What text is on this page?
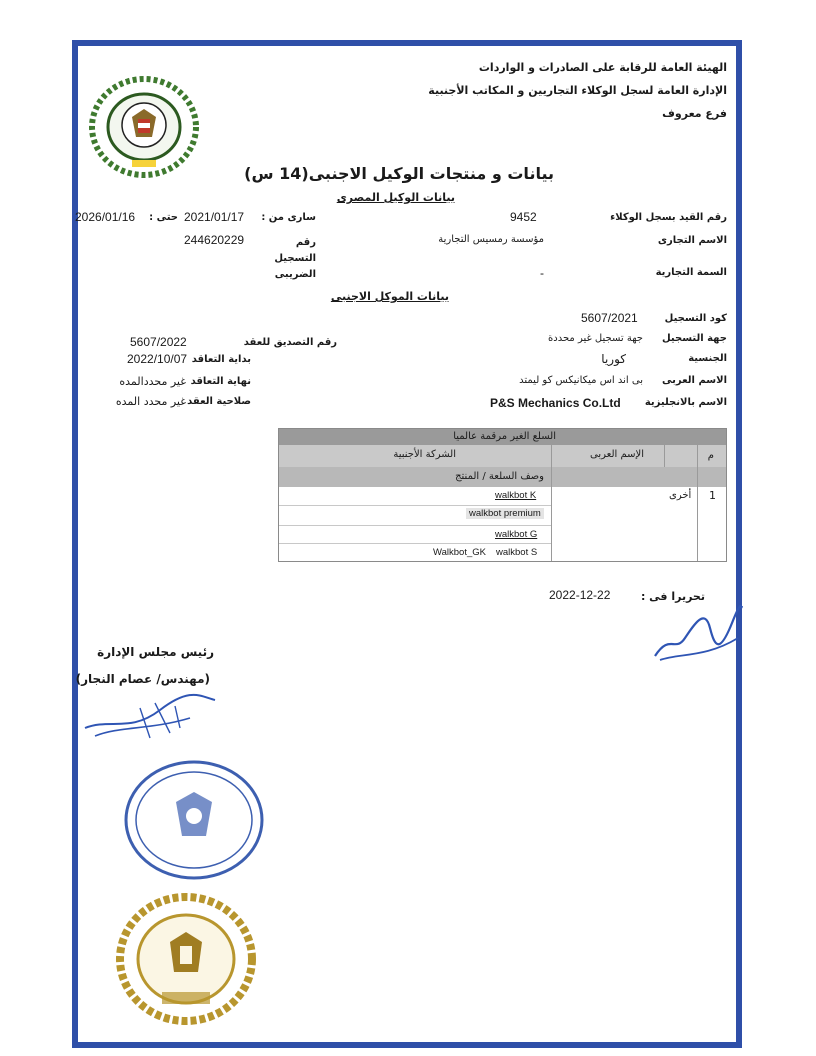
الهيئة العامة للرقابة على الصادرات و الواردات
الإدارة العامة لسجل الوكلاء التجاريين و المكاتب الأجنبية
فرع معروف
بيانات و منتجات الوكيل الاجنبى(14 س)
بيانات الوكيل المصرى
رقم القيد بسجل الوكلاء
9452
الاسم التجارى
مؤسسة رمسيس التجارية
السمة التجارية
-
سارى من :
2021/01/17
حتى :
2026/01/16
رقم التسجيل الضريبى
244620229
بيانات الموكل الاجنبى
كود التسجيل
5607/2021
جهة التسجيل
جهة تسجيل غير محددة
الجنسية
كوريا
الاسم العربى
بى اند اس ميكانيكس كو ليمتد
الاسم بالانجليزية
P&S Mechanics Co.Ltd
رقم التصديق للعقد
5607/2022
بداية التعاقد
2022/10/07
نهاية التعاقد
غير محددالمده
صلاحية العقد
غير محدد المده
السلع الغير مرقمة عالميا
م
الإسم العربى
الشركة الأجنبية
وصف السلعة / المنتج
1
أخرى
walkbot K
walkbot premium
walkbot G
Walkbot_GK	walkbot S
تحريرا فى :
2022-12-22
رئيس مجلس الإدارة
(مهندس/ عصام النجار)
